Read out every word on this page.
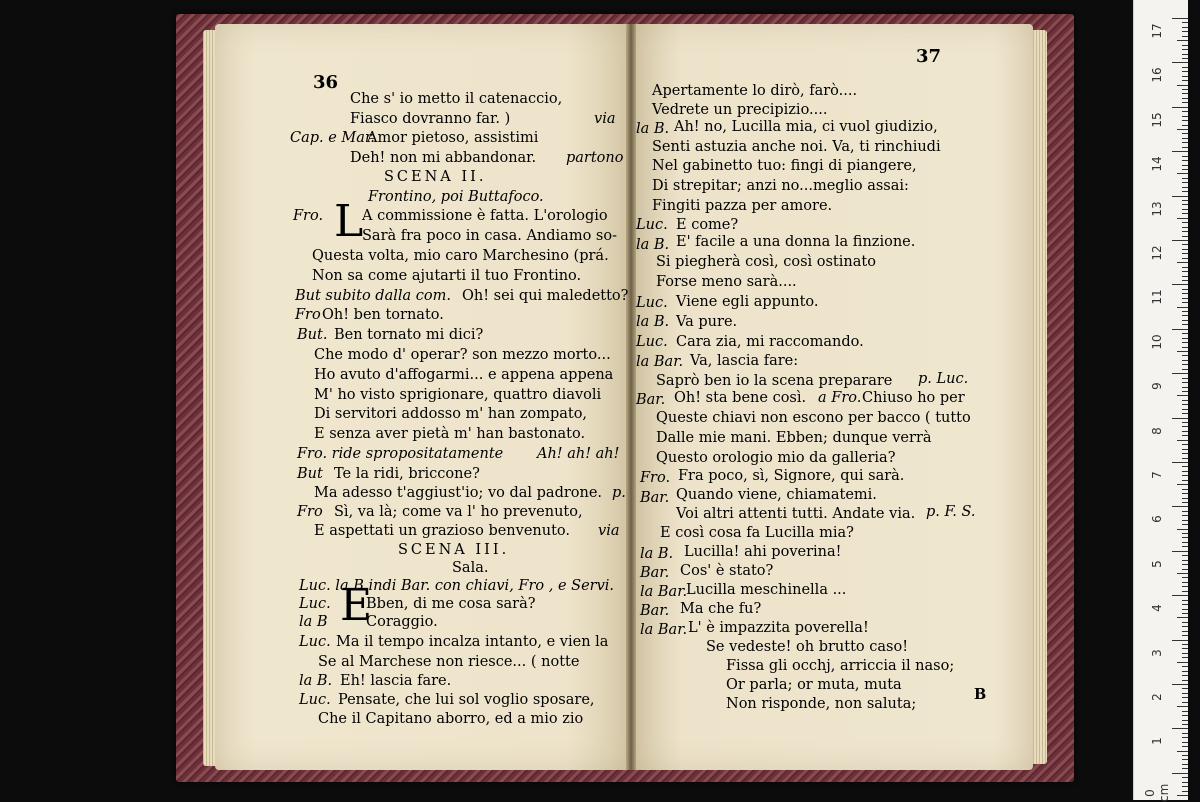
36
37
Che s' io metto il catenaccio,
Fiasco dovranno far. )	via
Cap. e Mar.
Amor pietoso, assistimi
Deh! non mi abbandonar. partono
SCENA II.
Frontino, poi Buttafoco.
Fro.	A commissione è fatta. L'orologio
Sarà fra poco in casa. Andiamo so-
Questa volta, mio caro Marchesino (prá.
Non sa come ajutarti il tuo Frontino.
But subito dalla com. Oh! sei qui maledetto?
Fro Oh! ben tornato.
But. Ben tornato mi dici?
Che modo d' operar? son mezzo morto...
Ho avuto d'affogarmi... e appena appena
M' ho visto sprigionare, quattro diavoli
Di servitori addosso m' han zompato,
E senza aver pietà m' han bastonato.
Fro. ride spropositatamente Ah! ah! ah!
But Te la ridi, briccone?
Ma adesso t'aggiust'io; vo dal padrone. p.
Fro Sì, va là; come va l' ho prevenuto,
E aspettati un grazioso benvenuto. via
SCENA III.
Sala.
Luc. la B indi Bar. con chiavi, Fro , e Servi.
Luc. Bben, di me cosa sarà?
la B	Coraggio.
Luc. Ma il tempo incalza intanto, e vien la
Se al Marchese non riesce... ( notte
la B. Eh! lascia fare.
Luc. Pensate, che lui sol voglio sposare,
Che il Capitano aborro, ed a mio zio
Apertamente lo dirò, farò....
Vedrete un precipizio....
la B. Ah! no, Lucilla mia, ci vuol giudizio,
Senti astuzia anche noi. Va, ti rinchiudi
Nel gabinetto tuo: fingi di piangere,
Di strepitar; anzi no...meglio assai:
Fingiti pazza per amore.
Luc. E come?
la B. E' facile a una donna la finzione.
Si piegherà così, così ostinato
Forse meno sarà....
Luc. Viene egli appunto.
la B. Va pure.
Luc. Cara zia, mi raccomando.
la Bar. Va, lascia fare:
Saprò ben io la scena preparare p. Luc.
Bar. Oh! sta bene così. a Fro. Chiuso ho per
Queste chiavi non escono per bacco ( tutto
Dalle mie mani. Ebben; dunque verrà
Questo orologio mio da galleria?
Fro. Fra poco, sì, Signore, qui sarà.
Bar. Quando viene, chiamatemi.
Voi altri attenti tutti. Andate via. p. F. S.
E così cosa fa Lucilla mia?
la B. Lucilla! ahi poverina!
Bar. Cos' è stato?
la Bar.
Lucilla meschinella ...
Bar. Ma che fu?
la Bar. L' è impazzita poverella!
Se vedeste! oh brutto caso!
Fissa gli occhj, arriccia il naso;
Or parla; or muta, muta
Non risponde, non saluta;
B
L
E
17
16
15
14
13
12
11
10
9
8
7
6
5
4
3
2
1
0 cm
